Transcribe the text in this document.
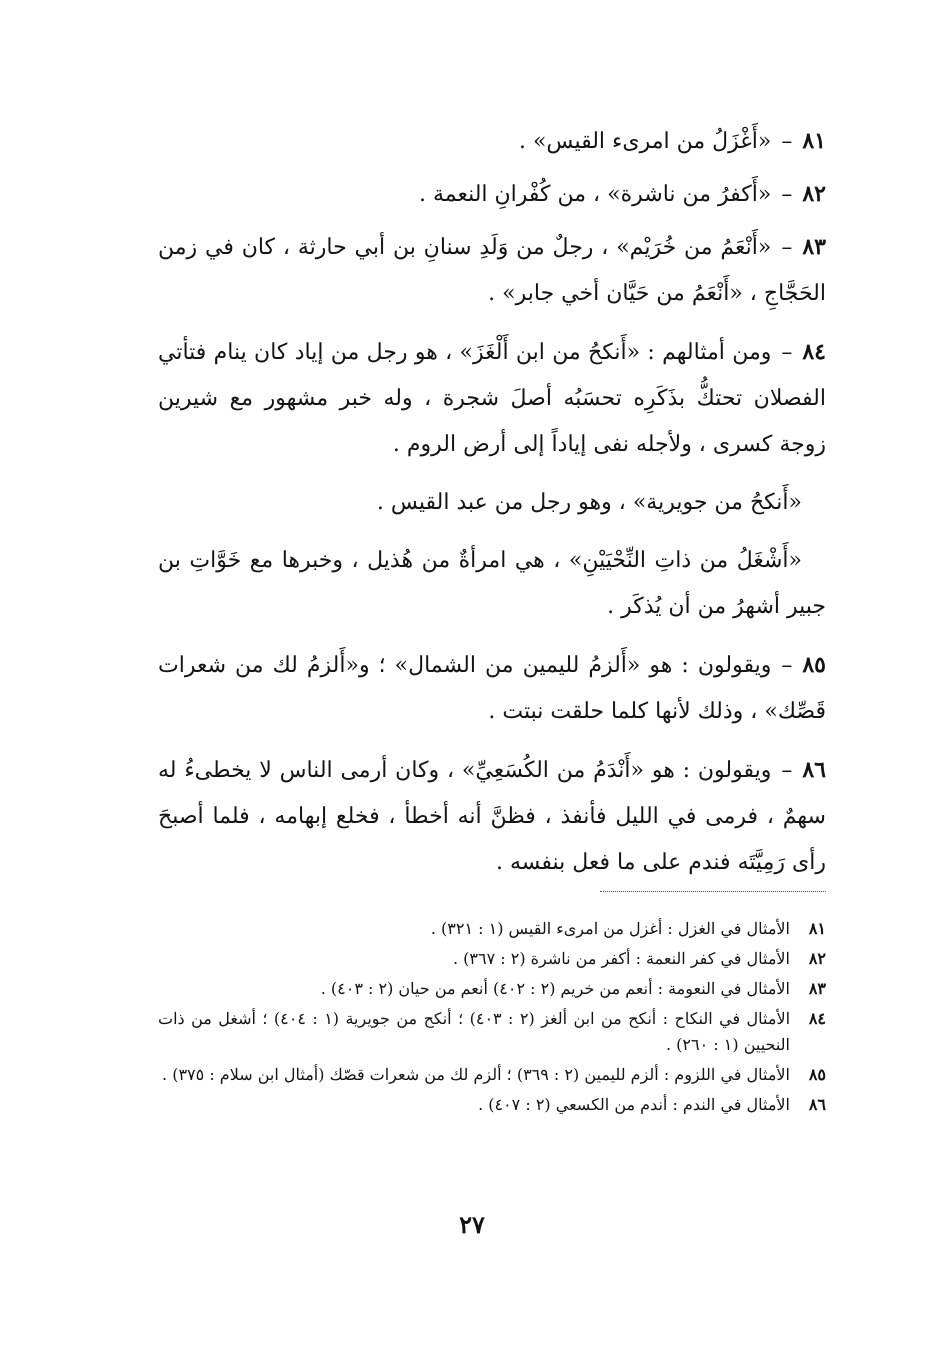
٨١–«أَغْزَلُ من امرىء القيس» .

٨٢–«أَكفرُ من ناشرة» ، من كُفْرانِ النعمة .

٨٣–«أَنْعَمُ من خُرَيْم» ، رجلٌ من وَلَدِ سنانِ بن أبي حارثة ، كان في زمن الحَجَّاجِ ، «أَنْعَمُ من حَيَّان أخي جابر» .

٨٤–ومن أمثالهم : «أَنكحُ من ابن أَلْغَزَ» ، هو رجل من إياد كان ينام فتأتي الفصلان تحتكُّ بذَكَرِه تحسَبُه أصلَ شجرة ، وله خبر مشهور مع شيرين زوجة كسرى ، ولأجله نفى إياداً إلى أرض الروم .

«أَنكحُ من جويرية» ، وهو رجل من عبد القيس .

«أَشْغَلُ من ذاتِ النِّحْيَيْنِ» ، هي امرأةٌ من هُذيل ، وخبرها مع خَوَّاتِ بن جبير أشهرُ من أن يُذكَر .

٨٥–ويقولون : هو «أَلزمُ لليمين من الشمال» ؛ و«أَلزمُ لك من شعرات قَصِّك» ، وذلك لأنها كلما حلقت نبتت .

٨٦–ويقولون : هو «أَنْدَمُ من الكُسَعِيِّ» ، وكان أرمى الناس لا يخطىءُ له سهمٌ ، فرمى في الليل فأنفذ ، فظنَّ أنه أخطأ ، فخلع إبهامه ، فلما أصبحَ رأى رَمِيَّتَه فندم على ما فعل بنفسه .

٨١
الأمثال في الغزل : أغزل من امرىء القيس (١ : ٣٢١) .
٨٢
الأمثال في كفر النعمة : أكفر من ناشرة (٢ : ٣٦٧) .
٨٣
الأمثال في النعومة : أنعم من خريم (٢ : ٤٠٢) أنعم من حيان (٢ : ٤٠٣) .
٨٤
الأمثال في النكاح : أنكح من ابن ألغز (٢ : ٤٠٣) ؛ أنكح من جويرية (١ : ٤٠٤) ؛ أشغل من ذات النحيين (١ : ٢٦٠) .
٨٥
الأمثال في اللزوم : ألزم لليمين (٢ : ٣٦٩) ؛ ألزم لك من شعرات قصّك (أمثال ابن سلام : ٣٧٥) .
٨٦
الأمثال في الندم : أندم من الكسعي (٢ : ٤٠٧) .
٢٧
